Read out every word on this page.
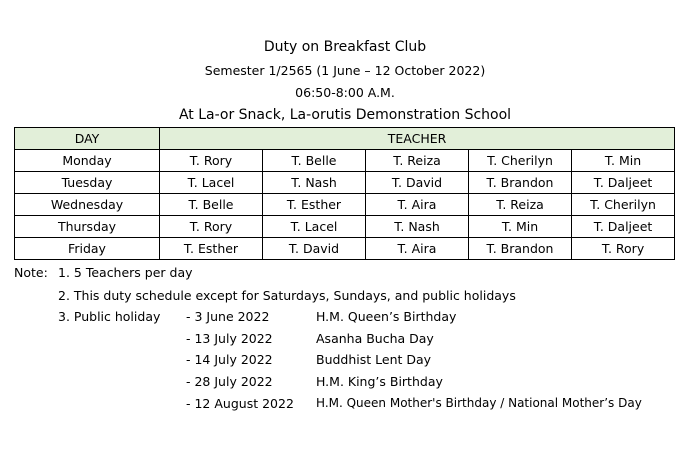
Duty on Breakfast Club
Semester 1/2565 (1 June – 12 October 2022)
06:50-8:00 A.M.
At La-or Snack, La-orutis Demonstration School
DAY	TEACHER				
Monday	T. Rory	T. Belle	T. Reiza	T. Cherilyn	T. Min
Tuesday	T. Lacel	T. Nash	T. David	T. Brandon	T. Daljeet
Wednesday	T. Belle	T. Esther	T. Aira	T. Reiza	T. Cherilyn
Thursday	T. Rory	T. Lacel	T. Nash	T. Min	T. Daljeet
Friday	T. Esther	T. David	T. Aira	T. Brandon	T. Rory
Note: 1. 5 Teachers per day
2. This duty schedule except for Saturdays, Sundays, and public holidays
3. Public holiday - 3 June 2022	H.M. Queen’s Birthday
- 13 July 2022	Asanha Bucha Day
- 14 July 2022	Buddhist Lent Day
- 28 July 2022	H.M. King’s Birthday
- 12 August 2022 H.M. Queen Mother's Birthday / National Mother’s Day
